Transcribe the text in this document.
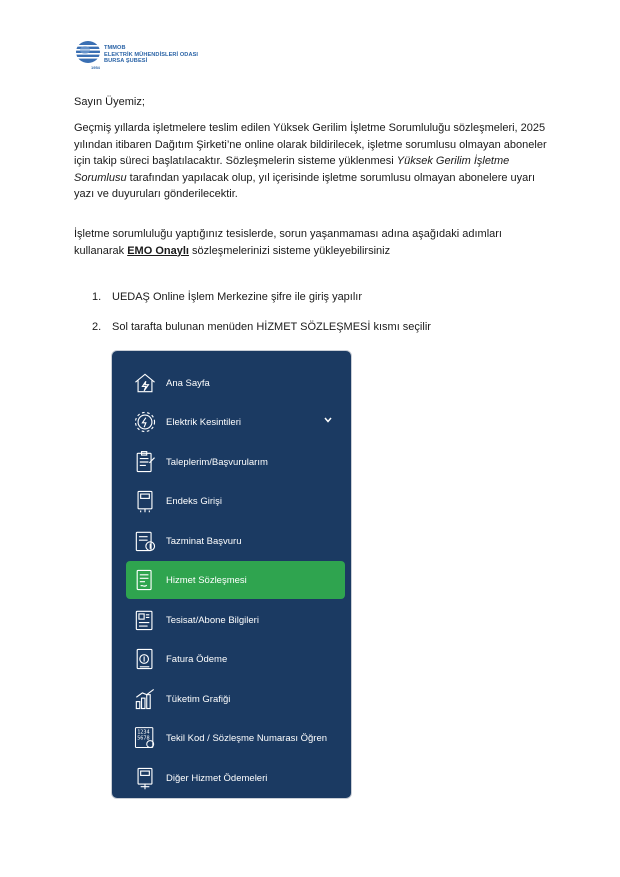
1954
TMMOB
ELEKTRİK MÜHENDİSLERİ ODASI
BURSA ŞUBESİ
Sayın Üyemiz;

Geçmiş yıllarda işletmelere teslim edilen Yüksek Gerilim İşletme Sorumluluğu sözleşmeleri, 2025 yılından itibaren Dağıtım Şirketi’ne online olarak bildirilecek, işletme sorumlusu olmayan aboneler için takip süreci başlatılacaktır. Sözleşmelerin sisteme yüklenmesi Yüksek Gerilim İşletme Sorumlusu tarafından yapılacak olup, yıl içerisinde işletme sorumlusu olmayan abonelere uyarı yazı ve duyuruları gönderilecektir.

İşletme sorumluluğu yaptığınız tesislerde, sorun yaşanmaması adına aşağıdaki adımları kullanarak EMO Onaylı sözleşmelerinizi sisteme yükleyebilirsiniz

1. UEDAŞ Online İşlem Merkezine şifre ile giriş yapılır
2. Sol tarafta bulunan menüden HİZMET SÖZLEŞMESİ kısmı seçilir
Ana Sayfa
Elektrik Kesintileri
Taleplerim/Başvurularım
Endeks Girişi
Tazminat Başvuru
Hizmet Sözleşmesi
Tesisat/Abone Bilgileri
Fatura Ödeme
Tüketim Grafiği
1234
5678 Tekil Kod / Sözleşme Numarası Öğren
Diğer Hizmet Ödemeleri
